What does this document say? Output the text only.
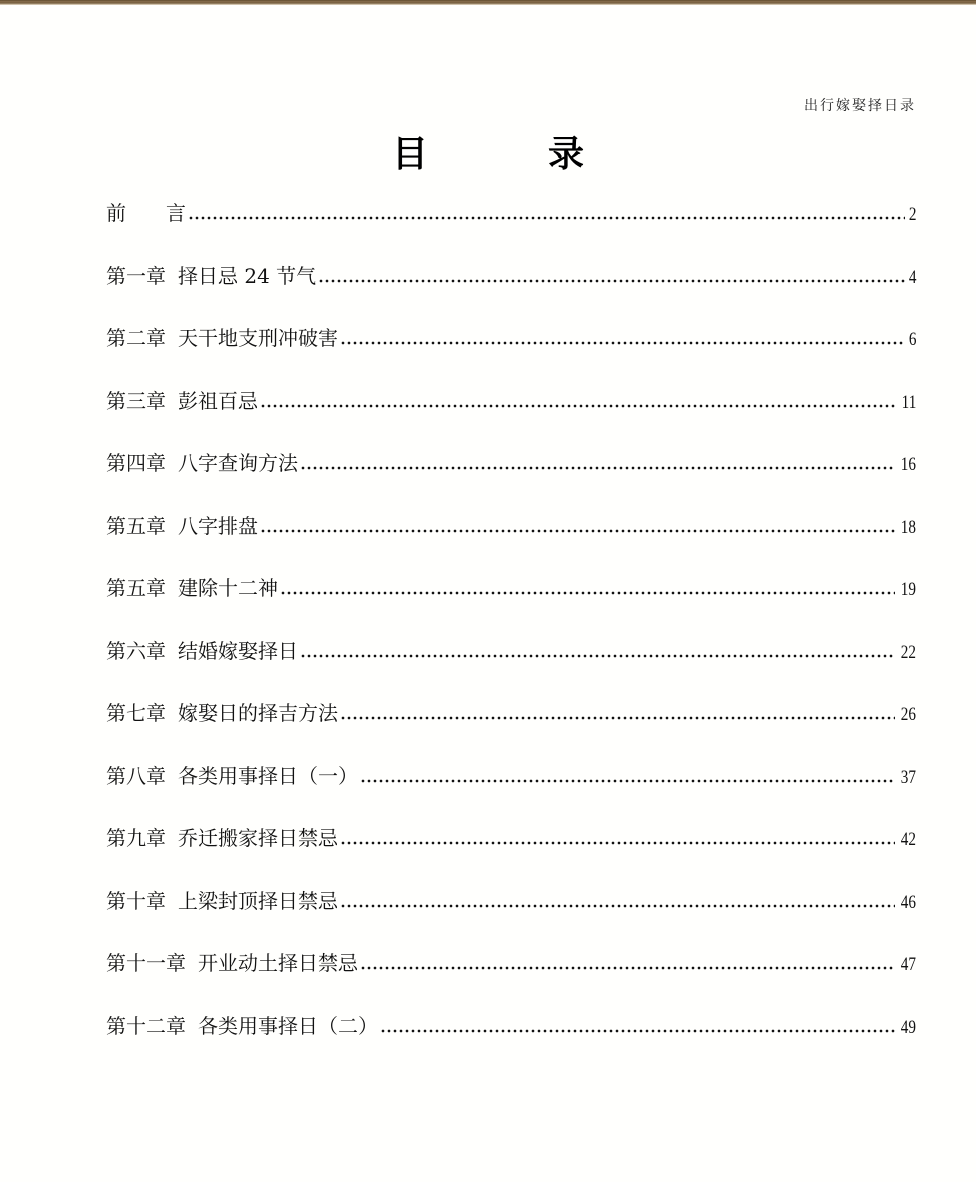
出行嫁娶择日录
目	录
前 言	2
第一章 择日忌 24 节气	4
第二章 天干地支刑冲破害	6
第三章 彭祖百忌	11
第四章 八字查询方法	16
第五章 八字排盘	18
第五章 建除十二神	19
第六章 结婚嫁娶择日	22
第七章 嫁娶日的择吉方法	26
第八章 各类用事择日（一）	37
第九章 乔迁搬家择日禁忌	42
第十章 上梁封顶择日禁忌	46
第十一章 开业动土择日禁忌	47
第十二章 各类用事择日（二）	49
